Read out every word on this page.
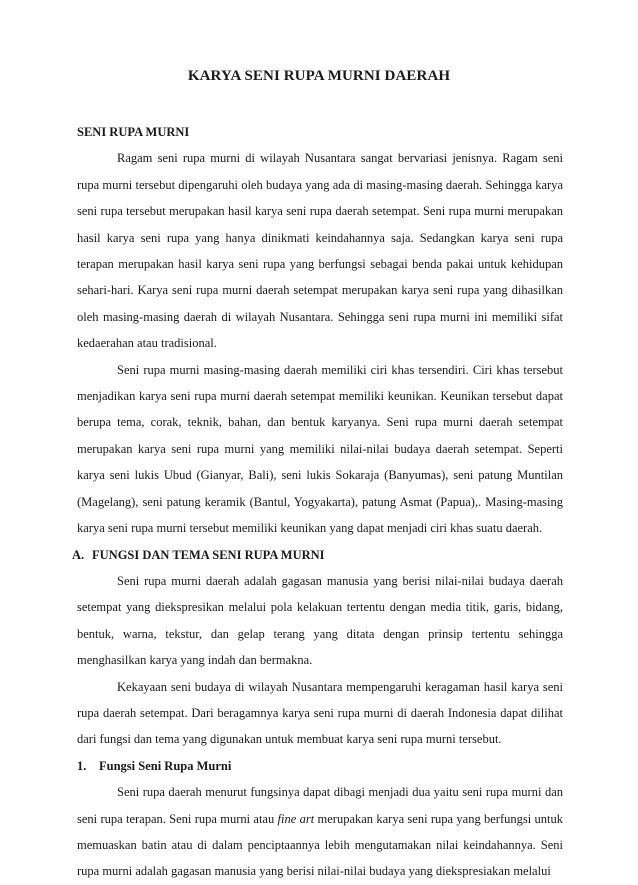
KARYA SENI RUPA MURNI DAERAH

SENI RUPA MURNI

Ragam seni rupa murni di wilayah Nusantara sangat bervariasi jenisnya. Ragam seni rupa murni tersebut dipengaruhi oleh budaya yang ada di masing-masing daerah. Sehingga karya seni rupa tersebut merupakan hasil karya seni rupa daerah setempat. Seni rupa murni merupakan hasil karya seni rupa yang hanya dinikmati keindahannya saja. Sedangkan karya seni rupa terapan merupakan hasil karya seni rupa yang berfungsi sebagai benda pakai untuk kehidupan sehari-hari. Karya seni rupa murni daerah setempat merupakan karya seni rupa yang dihasilkan oleh masing-masing daerah di wilayah Nusantara. Sehingga seni rupa murni ini memiliki sifat kedaerahan atau tradisional.

Seni rupa murni masing-masing daerah memiliki ciri khas tersendiri. Ciri khas tersebut menjadikan karya seni rupa murni daerah setempat memiliki keunikan. Keunikan tersebut dapat berupa tema, corak, teknik, bahan, dan bentuk karyanya. Seni rupa murni daerah setempat merupakan karya seni rupa murni yang memiliki nilai-nilai budaya daerah setempat. Seperti karya seni lukis Ubud (Gianyar, Bali), seni lukis Sokaraja (Banyumas), seni patung Muntilan (Magelang), seni patung keramik (Bantul, Yogyakarta), patung Asmat (Papua),. Masing-masing karya seni rupa murni tersebut memiliki keunikan yang dapat menjadi ciri khas suatu daerah.

A. FUNGSI DAN TEMA SENI RUPA MURNI

Seni rupa murni daerah adalah gagasan manusia yang berisi nilai-nilai budaya daerah setempat yang diekspresikan melalui pola kelakuan tertentu dengan media titik, garis, bidang, bentuk, warna, tekstur, dan gelap terang yang ditata dengan prinsip tertentu sehingga menghasilkan karya yang indah dan bermakna.

Kekayaan seni budaya di wilayah Nusantara mempengaruhi keragaman hasil karya seni rupa daerah setempat. Dari beragamnya karya seni rupa murni di daerah Indonesia dapat dilihat dari fungsi dan tema yang digunakan untuk membuat karya seni rupa murni tersebut.

1. Fungsi Seni Rupa Murni

Seni rupa daerah menurut fungsinya dapat dibagi menjadi dua yaitu seni rupa murni dan seni rupa terapan. Seni rupa murni atau fine art merupakan karya seni rupa yang berfungsi untuk memuaskan batin atau di dalam penciptaannya lebih mengutamakan nilai keindahannya. Seni rupa murni adalah gagasan manusia yang berisi nilai-nilai budaya yang diekspresiakan melalui
